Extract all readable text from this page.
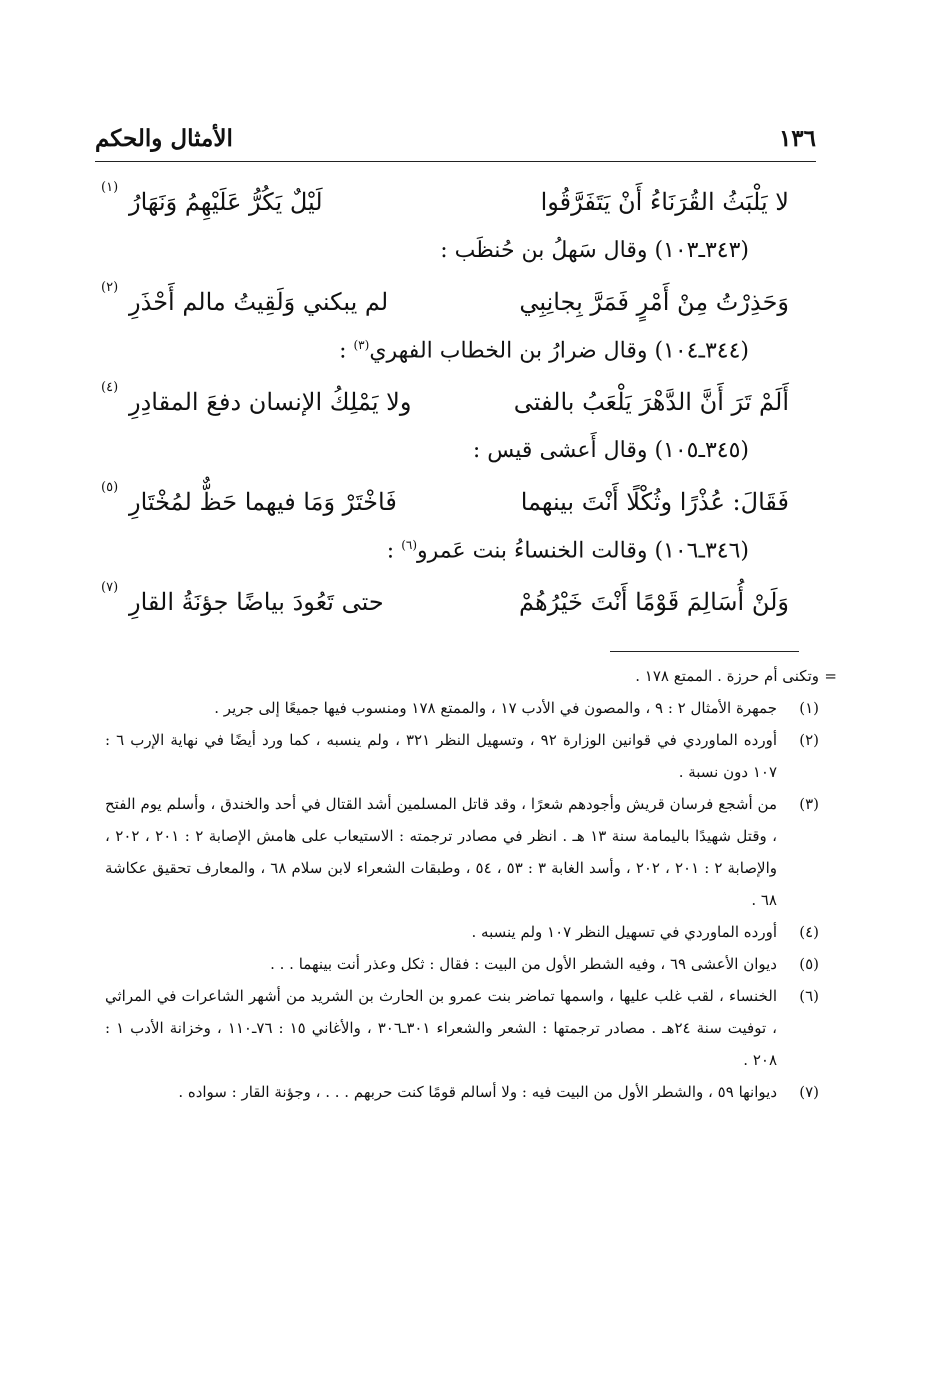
الأمثال والحكم	١٣٦
لا يَلْبَثُ القُرَنَاءُ أَنْ يَتَفَرَّقُوا
لَيْلٌ يَكُرُّ عَلَيْهِمُ وَنَهَارُ
(١)
(٣٤٣ـ١٠٣) وقال سَهلُ بن حُنظَب :
وَحَذِرْتُ مِنْ أَمْرٍ فَمَرَّ بِجانِبِي
لم يبكني وَلَقِيتُ مالم أَحْذَرِ
(٢)
(٣٤٤ـ١٠٤) وقال ضرارُ بن الخطاب الفهري$^{(٣)}$ :
أَلَمْ تَرَ أَنَّ الدَّهْرَ يَلْعَبُ بالفتى
ولا يَمْلِكُ الإنسان دفعَ المقادِرِ
(٤)
(٣٤٥ـ١٠٥) وقال أَعشى قيس :
فَقَالَ: عُذْرًا وثُكْلًا أَنْتَ بينهما
فَاخْتَرْ وَمَا فيهما حَظٌّ لمُخْتَارِ
(٥)
(٣٤٦ـ١٠٦) وقالت الخنساءُ بنت عَمرو$^{(٦)}$ :
وَلَنْ أُسَالِمَ قَوْمًا أَنْتَ خَيْرُهُمْ
حتى تَعُودَ بياضًا جؤنَةُ القارِ
(٧)
=
وتكنى أم حرزة . الممتع ١٧٨ .
(١)
جمهرة الأمثال ٢ : ٩ ، والمصون في الأدب ١٧ ، والممتع ١٧٨ ومنسوب فيها جميعًا إلى جرير .
(٢)
أورده الماوردي في قوانين الوزارة ٩٢ ، وتسهيل النظر ٣٢١ ، ولم ينسبه ، كما ورد أيضًا في نهاية الإرب ٦ : ١٠٧ دون نسبة .
(٣)
من أشجع فرسان قريش وأجودهم شعرًا ، وقد قاتل المسلمين أشد القتال في أحد والخندق ، وأسلم يوم الفتح ، وقتل شهيدًا باليمامة سنة ١٣ هـ . انظر في مصادر ترجمته : الاستيعاب على هامش الإصابة ٢ : ٢٠١ ، ٢٠٢ ، والإصابة ٢ : ٢٠١ ، ٢٠٢ ، وأسد الغابة ٣ : ٥٣ ، ٥٤ ، وطبقات الشعراء لابن سلام ٦٨ ، والمعارف تحقيق عكاشة ٦٨ .
(٤)
أورده الماوردي في تسهيل النظر ١٠٧ ولم ينسبه .
(٥)
ديوان الأعشى ٦٩ ، وفيه الشطر الأول من البيت : فقال : ثكل وعذر أنت بينهما . . .
(٦)
الخنساء ، لقب غلب عليها ، واسمها تماضر بنت عمرو بن الحارث بن الشريد من أشهر الشاعرات في المراثي ، توفيت سنة ٢٤هـ . مصادر ترجمتها : الشعر والشعراء ٣٠١ـ٣٠٦ ، والأغاني ١٥ : ٧٦ـ١١٠ ، وخزانة الأدب ١ : ٢٠٨ .
(٧)
ديوانها ٥٩ ، والشطر الأول من البيت فيه : ولا أسالم قومًا كنت حربهم . . . ، وجؤنة القار : سواده .
